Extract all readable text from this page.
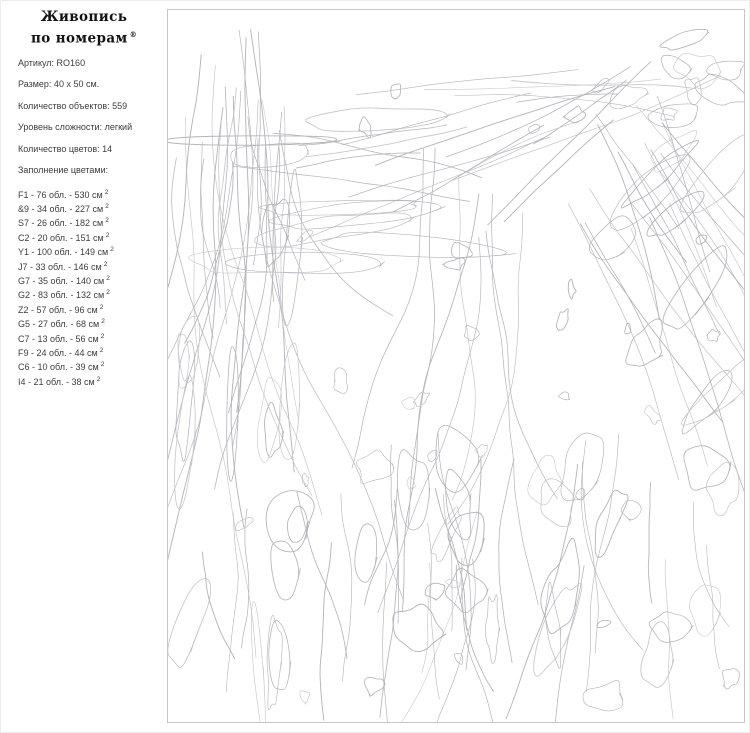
Живопись
по номерам ®
Артикул: RO160
Размер: 40 x 50 см.
Количество объектов: 559
Уровень сложности: легкий
Количество цветов: 14
Заполнение цветами:
F1 - 76 обл. - 530 см $^2$
&9 - 34 обл. - 227 см $^2$
S7 - 26 обл. - 182 см $^2$
C2 - 20 обл. - 151 см $^2$
Y1 - 100 обл. - 149 см $^2$
J7 - 33 обл. - 146 см $^2$
G7 - 35 обл. - 140 см $^2$
G2 - 83 обл. - 132 см $^2$
Z2 - 57 обл. - 96 см $^2$
G5 - 27 обл. - 68 см $^2$
C7 - 13 обл. - 56 см $^2$
F9 - 24 обл. - 44 см $^2$
C6 - 10 обл. - 39 см $^2$
I4 - 21 обл. - 38 см $^2$
